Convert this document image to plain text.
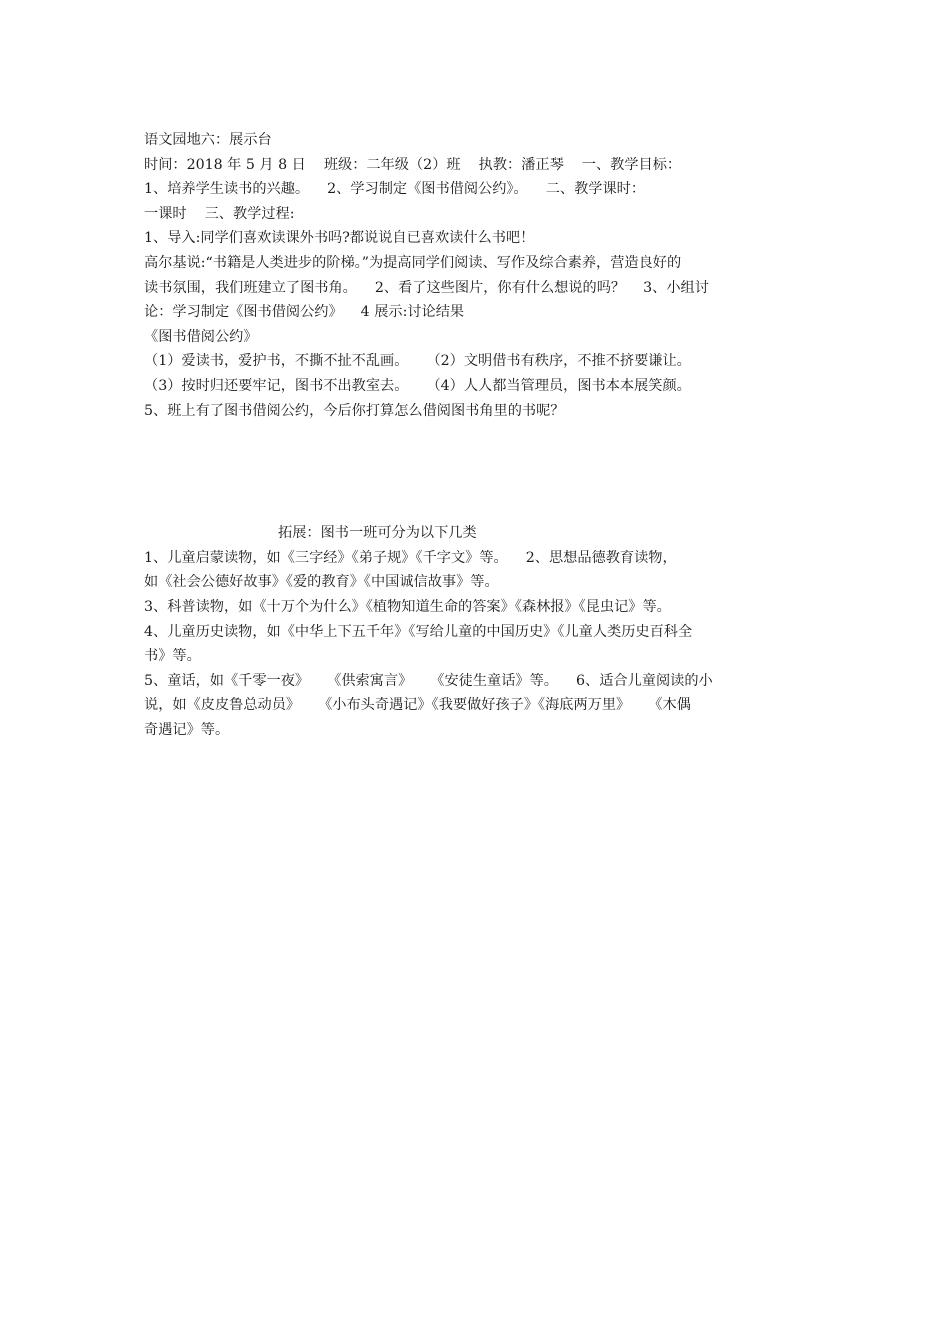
语文园地六：展示台
时间：2018 年 5 月 8 日    班级：二年级（2）班    执教：潘正琴    一、教学目标：
1、培养学生读书的兴趣。    2、学习制定《图书借阅公约》。    二、教学课时：
一课时    三、教学过程:
1、导入:同学们喜欢读课外书吗?都说说自已喜欢读什么书吧！
高尔基说:“书籍是人类进步的阶梯。”为提高同学们阅读、写作及综合素养，营造良好的
读书氛围，我们班建立了图书角。    2、看了这些图片，你有什么想说的吗？    3、小组讨
论：学习制定《图书借阅公约》    4 展示:讨论结果
《图书借阅公约》
（1）爱读书，爱护书，不撕不扯不乱画。    （2）文明借书有秩序，不推不挤要谦让。
（3）按时归还要牢记，图书不出教室去。    （4）人人都当管理员，图书本本展笑颜。
5、班上有了图书借阅公约，今后你打算怎么借阅图书角里的书呢？
拓展：图书一班可分为以下几类
1、儿童启蒙读物，如《三字经》《弟子规》《千字文》等。    2、思想品德教育读物，
如《社会公德好故事》《爱的教育》《中国诚信故事》等。
3、科普读物，如《十万个为什么》《植物知道生命的答案》《森林报》《昆虫记》等。
4、儿童历史读物，如《中华上下五千年》《写给儿童的中国历史》《儿童人类历史百科全
书》等。
5、童话，如《千零一夜》    《供索寓言》    《安徒生童话》等。    6、适合儿童阅读的小
说，如《皮皮鲁总动员》    《小布头奇遇记》《我要做好孩子》《海底两万里》    《木偶
奇遇记》等。
